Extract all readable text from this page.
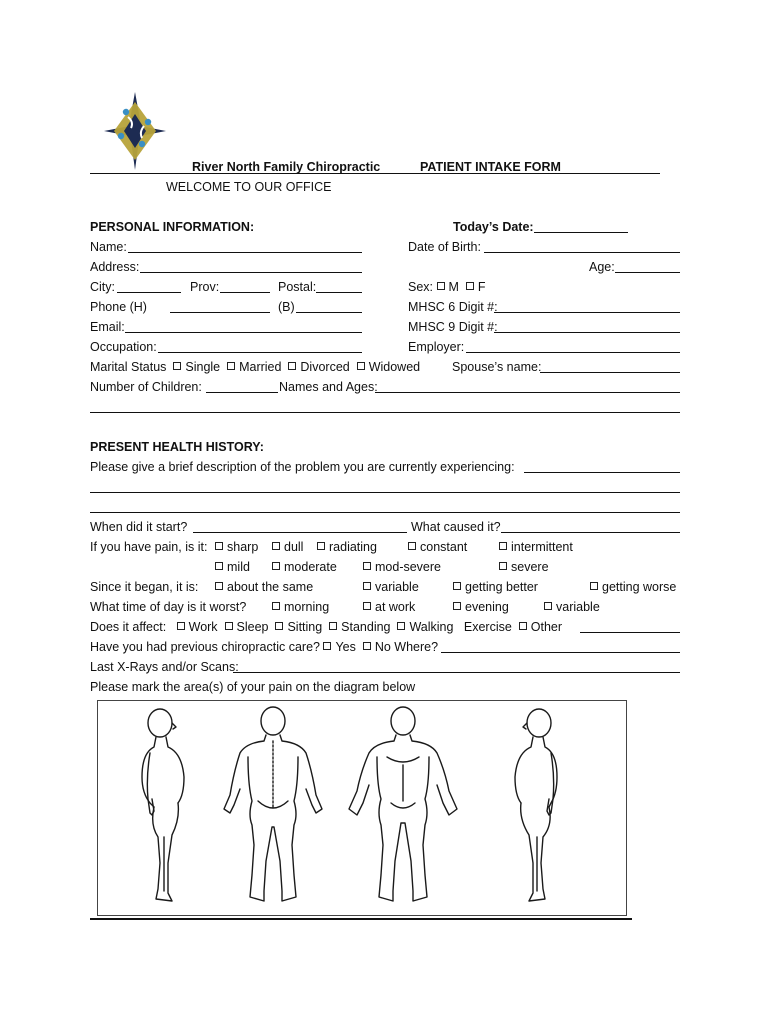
River North Family Chiropractic	PATIENT INTAKE FORM
WELCOME TO OUR OFFICE
PERSONAL INFORMATION:	Today’s Date:
Name:	Date of Birth:
Address:	Age:
City:	Prov:	Postal:	Sex: M F
Phone (H)	(B)	MHSC 6 Digit #:
Email:	MHSC 9 Digit #:
Occupation:	Employer:
Marital Status Single Married Divorced Widowed	Spouse’s name:
Number of Children:	Names and Ages:
PRESENT HEALTH HISTORY:
Please give a brief description of the problem you are currently experiencing:
When did it start?	What caused it?
If you have pain, is it:	sharp	dull	radiating	constant	intermittent
mild	moderate	mod-severe	severe
Since it began, it is:	about the same	variable	getting better	getting worse
What time of day is it worst?	morning	at work	evening	variable
Does it affect: Work Sleep Sitting Standing Walking Exercise Other
Have you had previous chiropractic care? Yes No Where?
Last X-Rays and/or Scans:
Please mark the area(s) of your pain on the diagram below
